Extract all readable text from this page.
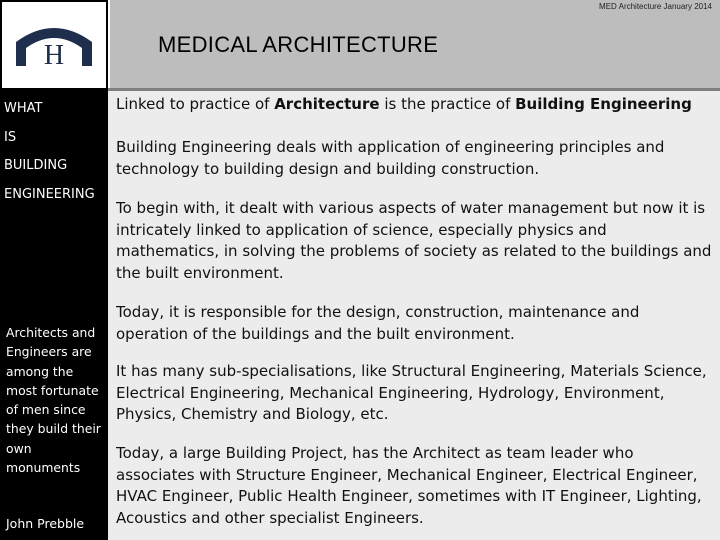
H
WHAT
IS
BUILDING
ENGINEERING
Architects and Engineers are among the most fortunate of men since they build their own monuments
John Prebble
MED Architecture January 2014
MEDICAL ARCHITECTURE

Linked to practice of Architecture is the practice of Building Engineering

Building Engineering deals with application of engineering principles and technology to building design and building construction.

To begin with, it dealt with various aspects of water management but now it is intricately linked to application of science, especially physics and mathematics, in solving the problems of society as related to the buildings and the built environment.

Today, it is responsible for the design, construction, maintenance and operation of the buildings and the built environment.

It has many sub-specialisations, like Structural Engineering, Materials Science, Electrical Engineering, Mechanical Engineering, Hydrology, Environment, Physics, Chemistry and Biology, etc.

Today, a large Building Project, has the Architect as team leader who associates with Structure Engineer, Mechanical Engineer, Electrical Engineer, HVAC Engineer, Public Health Engineer, sometimes with IT Engineer, Lighting, Acoustics and other specialist Engineers.
